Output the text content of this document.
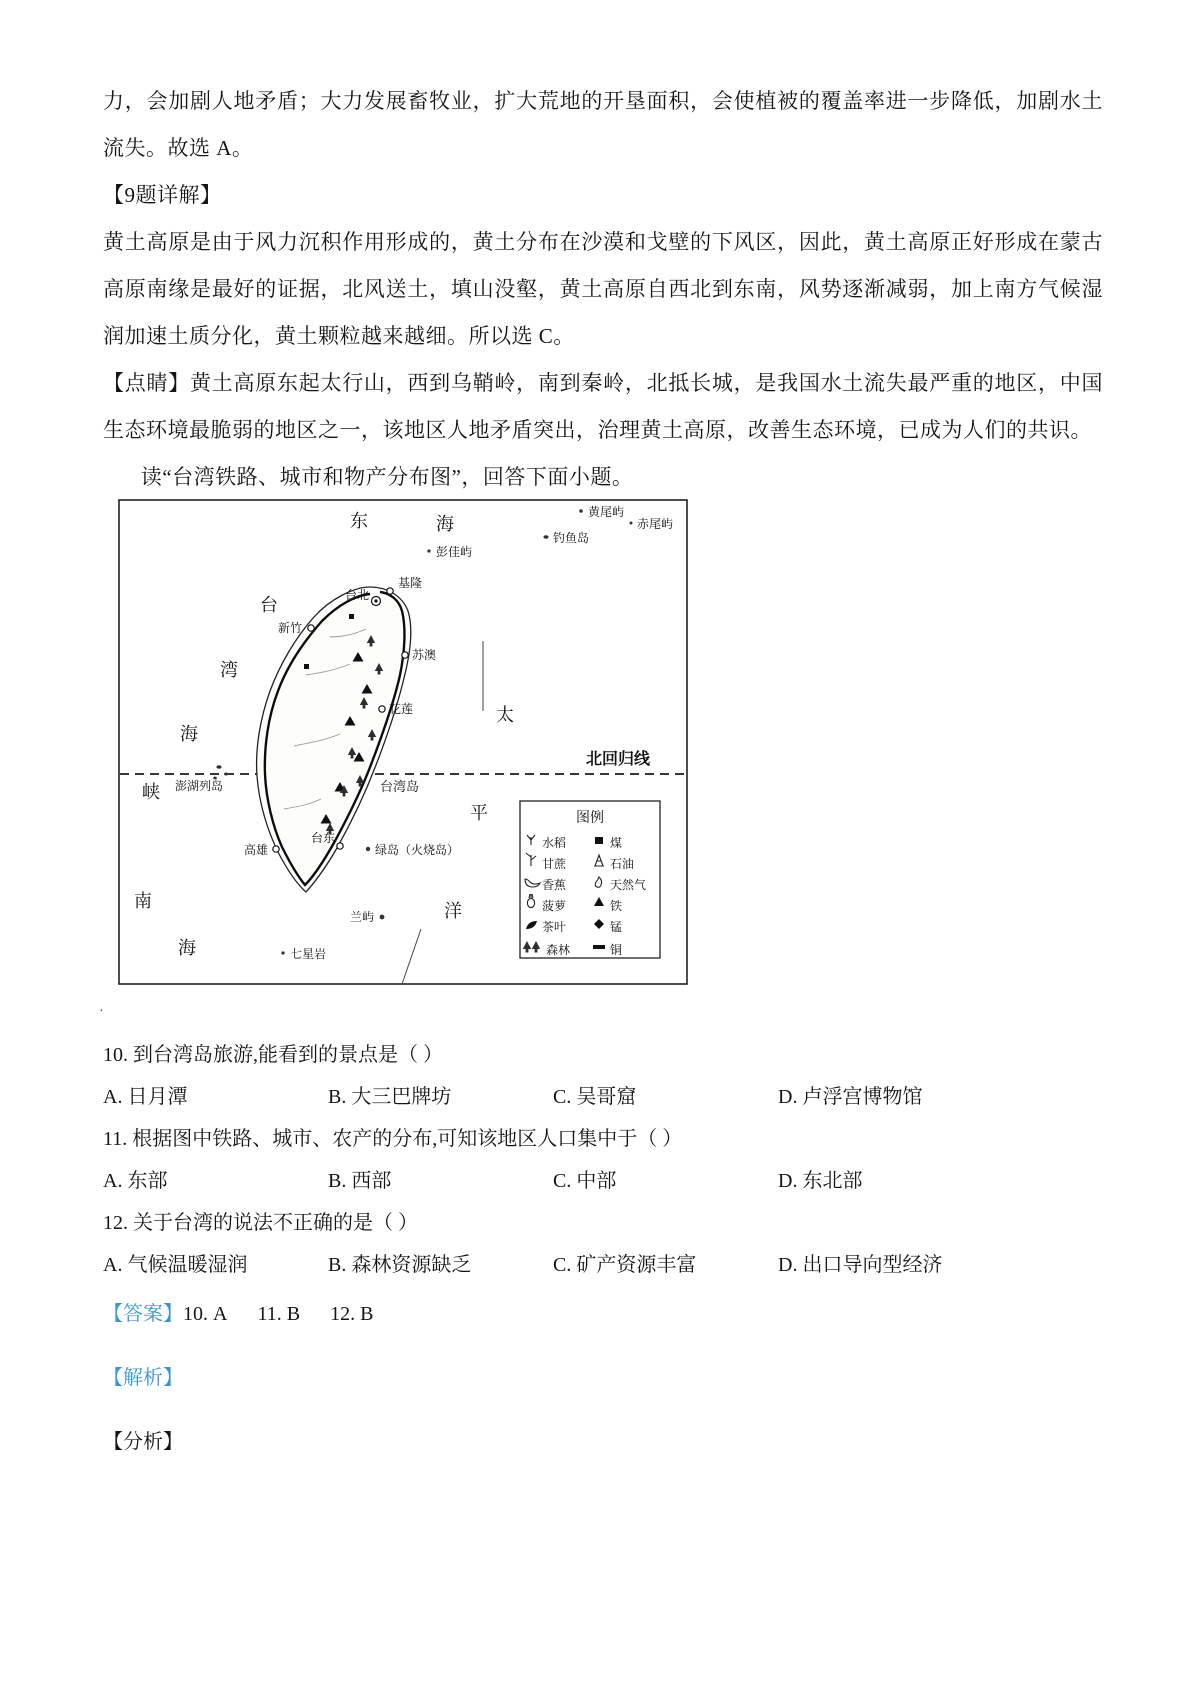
力，会加剧人地矛盾；大力发展畜牧业，扩大荒地的开垦面积，会使植被的覆盖率进一步降低，加剧水土流失。故选 A。

【9题详解】

黄土高原是由于风力沉积作用形成的，黄土分布在沙漠和戈壁的下风区，因此，黄土高原正好形成在蒙古高原南缘是最好的证据，北风送土，填山没壑，黄土高原自西北到东南，风势逐渐减弱，加上南方气候湿润加速土质分化，黄土颗粒越来越细。所以选 C。

【点睛】黄土高原东起太行山，西到乌鞘岭，南到秦岭，北抵长城，是我国水土流失最严重的地区，中国生态环境最脆弱的地区之一，该地区人地矛盾突出，治理黄土高原，改善生态环境，已成为人们的共识。

读“台湾铁路、城市和物产分布图”，回答下面小题。

东	海
台
湾
海
峡
太
平
洋
南
海
黄尾屿
赤尾屿
钓鱼岛
彭佳屿
澎湖列岛	台湾岛
绿岛（火烧岛）
兰屿
七星岩
台北
基隆
新竹
苏澳
花莲
台东
高雄
北回归线
图例
水稻	煤
甘蔗	石油
香蕉	天然气
菠萝	铁
茶叶	锰
森林	铜

·

10. 到台湾岛旅游,能看到的景点是（ ）

A. 日月潭	B. 大三巴牌坊	C. 吴哥窟	D. 卢浮宫博物馆

11. 根据图中铁路、城市、农产的分布,可知该地区人口集中于（ ）

A. 东部	B. 西部	C. 中部	D. 东北部

12. 关于台湾的说法不正确的是（ ）

A. 气候温暖湿润	B. 森林资源缺乏	C. 矿产资源丰富	D. 出口导向型经济

【答案】10. A 11. B 12. B

【解析】

【分析】
